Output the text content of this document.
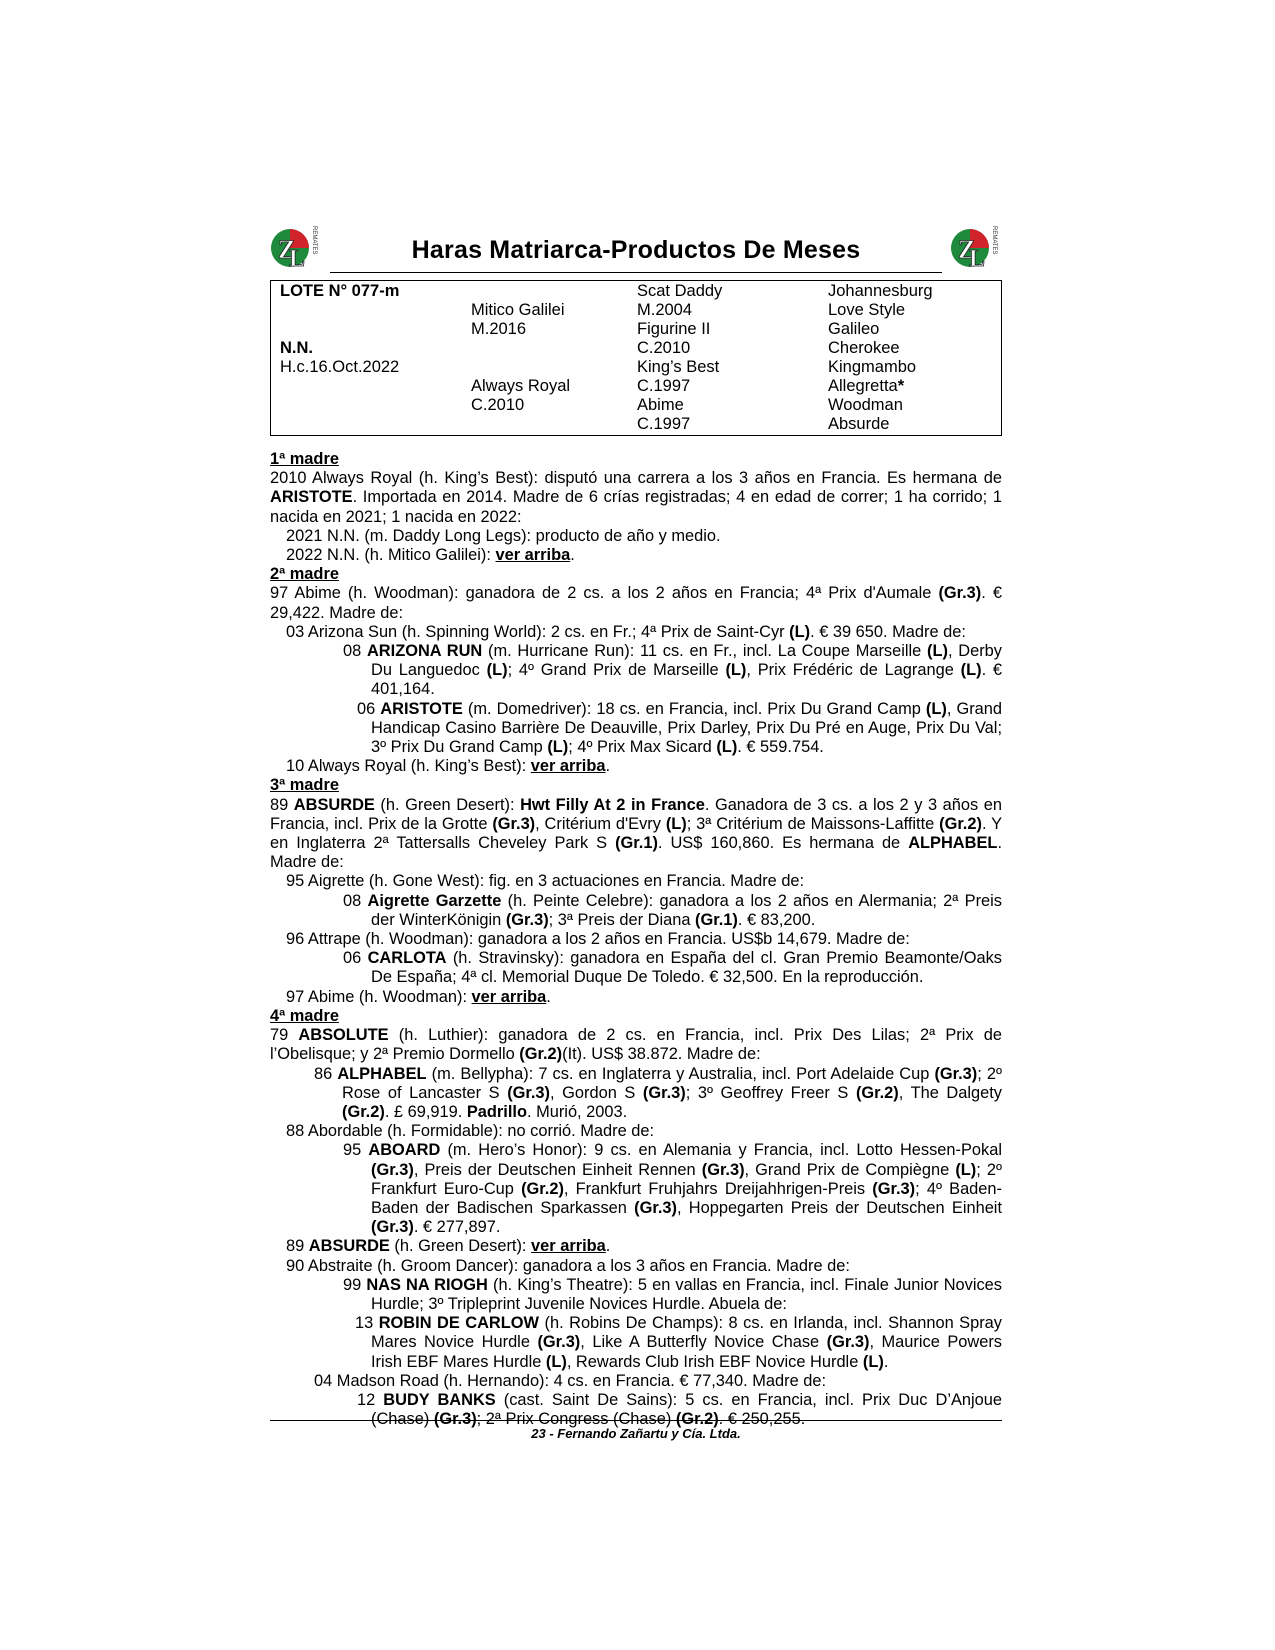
Z
L
REMATES	Haras Matriarca-Productos De Meses	Z
L
REMATES
LOTE N° 077-m
N.N.
H.c.16.Oct.2022
Mitico Galilei
M.2016
Always Royal
C.2010
Scat Daddy
M.2004
Figurine II
C.2010
King’s Best
C.1997
Abime
C.1997
Johannesburg
Love Style
Galileo
Cherokee
Kingmambo
Allegretta*
Woodman
Absurde

1ª madre

2010 Always Royal (h. King’s Best): disputó una carrera a los 3 años en Francia. Es hermana de ARISTOTE. Importada en 2014. Madre de 6 crías registradas; 4 en edad de correr; 1 ha corrido; 1 nacida en 2021; 1 nacida en 2022:

2021 N.N. (m. Daddy Long Legs): producto de año y medio.

2022 N.N. (h. Mitico Galilei): ver arriba.

2ª madre

97 Abime (h. Woodman): ganadora de 2 cs. a los 2 años en Francia; 4ª Prix d'Aumale (Gr.3). € 29,422. Madre de:

03 Arizona Sun (h. Spinning World): 2 cs. en Fr.; 4ª Prix de Saint-Cyr (L). € 39 650. Madre de:

08 ARIZONA RUN (m. Hurricane Run): 11 cs. en Fr., incl. La Coupe Marseille (L), Derby Du Languedoc (L); 4º Grand Prix de Marseille (L), Prix Frédéric de Lagrange (L). € 401,164.

06 ARISTOTE (m. Domedriver): 18 cs. en Francia, incl. Prix Du Grand Camp (L), Grand Handicap Casino Barrière De Deauville, Prix Darley, Prix Du Pré en Auge, Prix Du Val; 3º Prix Du Grand Camp (L); 4º Prix Max Sicard (L). € 559.754.

10 Always Royal (h. King’s Best): ver arriba.

3ª madre

89 ABSURDE (h. Green Desert): Hwt Filly At 2 in France. Ganadora de 3 cs. a los 2 y 3 años en Francia, incl. Prix de la Grotte (Gr.3), Critérium d'Evry (L); 3ª Critérium de Maissons-Laffitte (Gr.2). Y en Inglaterra 2ª Tattersalls Cheveley Park S (Gr.1). US$ 160,860. Es hermana de ALPHABEL. Madre de:

95 Aigrette (h. Gone West): fig. en 3 actuaciones en Francia. Madre de:

08 Aigrette Garzette (h. Peinte Celebre): ganadora a los 2 años en Alermania; 2ª Preis der WinterKönigin (Gr.3); 3ª Preis der Diana (Gr.1). € 83,200.

96 Attrape (h. Woodman): ganadora a los 2 años en Francia. US$b 14,679. Madre de:

06 CARLOTA (h. Stravinsky): ganadora en España del cl. Gran Premio Beamonte/Oaks De España; 4ª cl. Memorial Duque De Toledo. € 32,500. En la reproducción.

97 Abime (h. Woodman): ver arriba.

4ª madre

79 ABSOLUTE (h. Luthier): ganadora de 2 cs. en Francia, incl. Prix Des Lilas; 2ª Prix de l’Obelisque; y 2ª Premio Dormello (Gr.2)(It). US$ 38.872. Madre de:

86 ALPHABEL (m. Bellypha): 7 cs. en Inglaterra y Australia, incl. Port Adelaide Cup (Gr.3); 2º Rose of Lancaster S (Gr.3), Gordon S (Gr.3); 3º Geoffrey Freer S (Gr.2), The Dalgety (Gr.2). £ 69,919. Padrillo. Murió, 2003.

88 Abordable (h. Formidable): no corrió. Madre de:

95 ABOARD (m. Hero’s Honor): 9 cs. en Alemania y Francia, incl. Lotto Hessen-Pokal (Gr.3), Preis der Deutschen Einheit Rennen (Gr.3), Grand Prix de Compiègne (L); 2º Frankfurt Euro-Cup (Gr.2), Frankfurt Fruhjahrs Dreijahhrigen-Preis (Gr.3); 4º Baden-Baden der Badischen Sparkassen (Gr.3), Hoppegarten Preis der Deutschen Einheit (Gr.3). € 277,897.

89 ABSURDE (h. Green Desert): ver arriba.

90 Abstraite (h. Groom Dancer): ganadora a los 3 años en Francia. Madre de:

99 NAS NA RIOGH (h. King’s Theatre): 5 en vallas en Francia, incl. Finale Junior Novices Hurdle; 3º Tripleprint Juvenile Novices Hurdle. Abuela de:

13 ROBIN DE CARLOW (h. Robins De Champs): 8 cs. en Irlanda, incl. Shannon Spray Mares Novice Hurdle (Gr.3), Like A Butterfly Novice Chase (Gr.3), Maurice Powers Irish EBF Mares Hurdle (L), Rewards Club Irish EBF Novice Hurdle (L).

04 Madson Road (h. Hernando): 4 cs. en Francia. € 77,340. Madre de:

12 BUDY BANKS (cast. Saint De Sains): 5 cs. en Francia, incl. Prix Duc D’Anjoue (Chase) (Gr.3); 2ª Prix Congress (Chase) (Gr.2). € 250,255.

23 - Fernando Zañartu y Cía. Ltda.
